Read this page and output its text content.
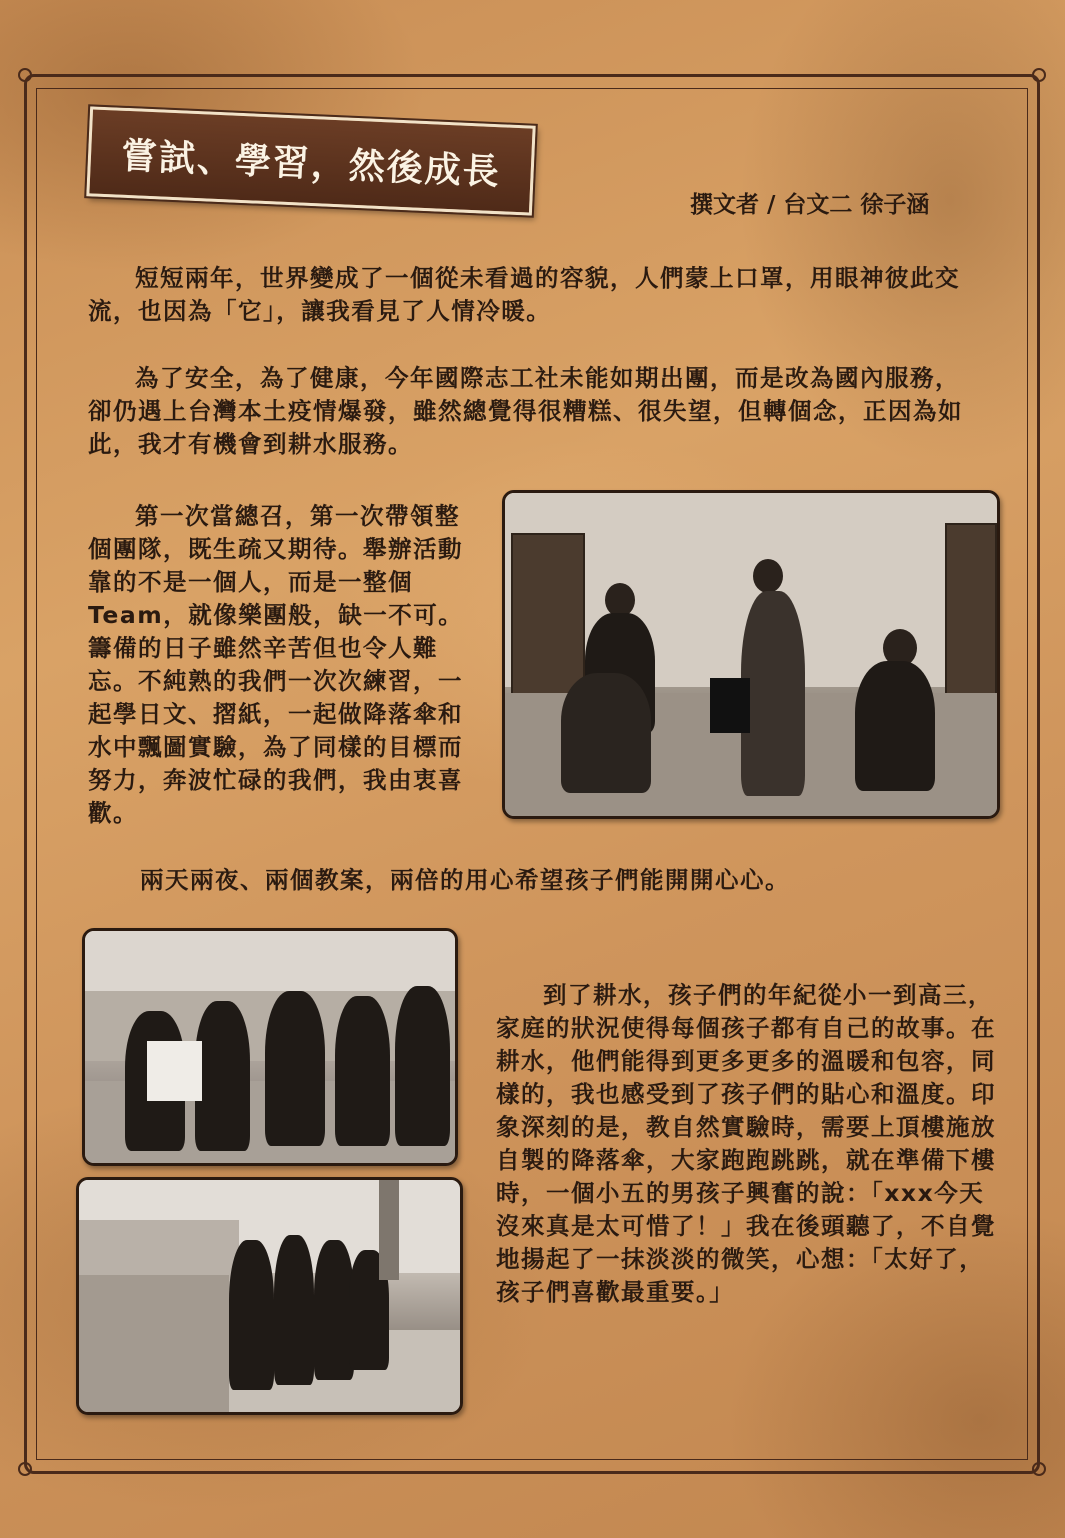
嘗試、學習，然後成長
撰文者 / 台文二 徐子涵

短短兩年，世界變成了一個從未看過的容貌，人們蒙上口罩，用眼神彼此交流，也因為「它」，讓我看見了人情冷暖。

為了安全，為了健康，今年國際志工社未能如期出團，而是改為國內服務，卻仍遇上台灣本土疫情爆發，雖然總覺得很糟糕、很失望，但轉個念，正因為如此，我才有機會到耕水服務。

第一次當總召，第一次帶領整個團隊，既生疏又期待。舉辦活動靠的不是一個人，而是一整個Team，就像樂團般，缺一不可。籌備的日子雖然辛苦但也令人難忘。不純熟的我們一次次練習，一起學日文、摺紙，一起做降落傘和水中飄圖實驗，為了同樣的目標而努力，奔波忙碌的我們，我由衷喜歡。

兩天兩夜、兩個教案，兩倍的用心希望孩子們能開開心心。

到了耕水，孩子們的年紀從小一到高三，家庭的狀況使得每個孩子都有自己的故事。在耕水，他們能得到更多更多的溫暖和包容，同樣的，我也感受到了孩子們的貼心和溫度。印象深刻的是，教自然實驗時，需要上頂樓施放自製的降落傘，大家跑跑跳跳，就在準備下樓時，一個小五的男孩子興奮的說：「xxx今天沒來真是太可惜了！」我在後頭聽了，不自覺地揚起了一抹淡淡的微笑，心想：「太好了，孩子們喜歡最重要。」
